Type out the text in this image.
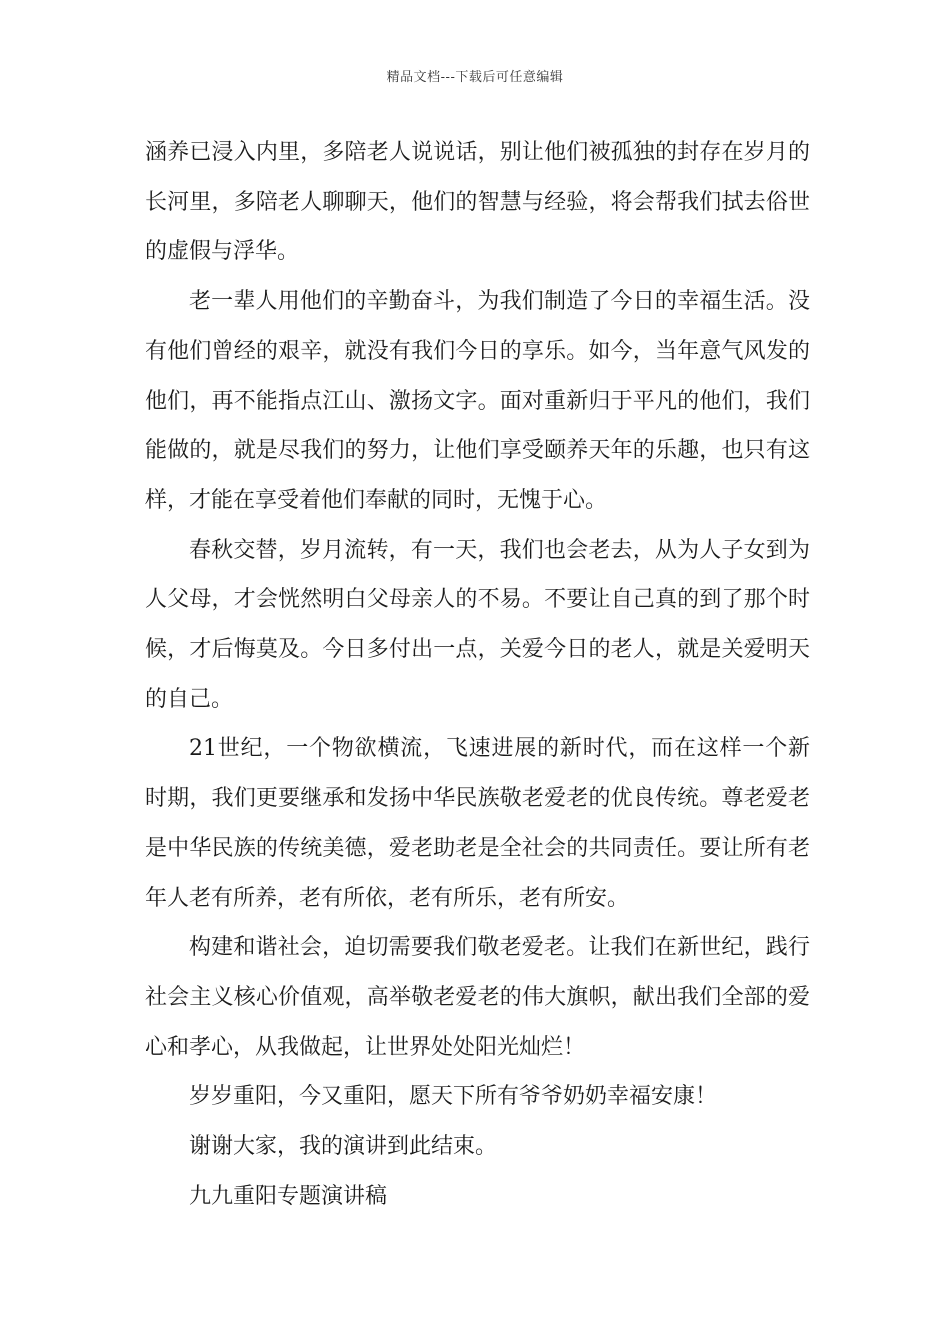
精品文档---下载后可任意编辑

涵养已浸入内里，多陪老人说说话，别让他们被孤独的封存在岁月的长河里，多陪老人聊聊天，他们的智慧与经验，将会帮我们拭去俗世的虚假与浮华。

老一辈人用他们的辛勤奋斗，为我们制造了今日的幸福生活。没有他们曾经的艰辛，就没有我们今日的享乐。如今，当年意气风发的他们，再不能指点江山、激扬文字。面对重新归于平凡的他们，我们能做的，就是尽我们的努力，让他们享受颐养天年的乐趣，也只有这样，才能在享受着他们奉献的同时，无愧于心。

春秋交替，岁月流转，有一天，我们也会老去，从为人子女到为人父母，才会恍然明白父母亲人的不易。不要让自己真的到了那个时候，才后悔莫及。今日多付出一点，关爱今日的老人，就是关爱明天的自己。

21世纪，一个物欲横流，飞速进展的新时代，而在这样一个新时期，我们更要继承和发扬中华民族敬老爱老的优良传统。尊老爱老是中华民族的传统美德，爱老助老是全社会的共同责任。要让所有老年人老有所养，老有所依，老有所乐，老有所安。

构建和谐社会，迫切需要我们敬老爱老。让我们在新世纪，践行社会主义核心价值观，高举敬老爱老的伟大旗帜，献出我们全部的爱心和孝心，从我做起，让世界处处阳光灿烂！

岁岁重阳，今又重阳，愿天下所有爷爷奶奶幸福安康！

谢谢大家，我的演讲到此结束。

九九重阳专题演讲稿
